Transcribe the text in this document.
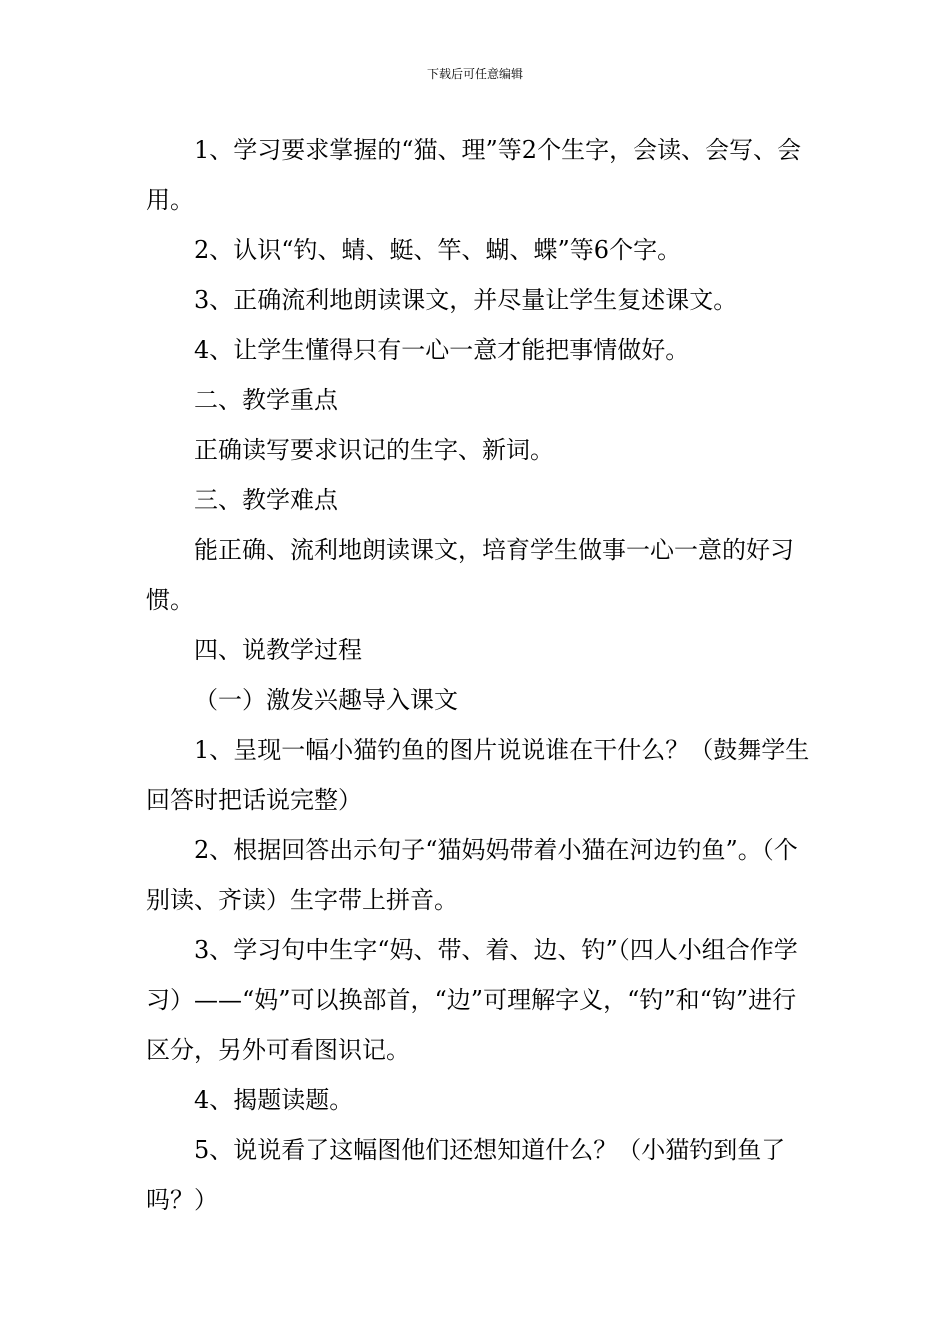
下载后可任意编辑

1、学习要求掌握的“猫、理”等2个生字，会读、会写、会用。

2、认识“钓、蜻、蜓、竿、蝴、蝶”等6个字。

3、正确流利地朗读课文，并尽量让学生复述课文。

4、让学生懂得只有一心一意才能把事情做好。

二、教学重点

正确读写要求识记的生字、新词。

三、教学难点

能正确、流利地朗读课文，培育学生做事一心一意的好习惯。

四、说教学过程

（一）激发兴趣导入课文

1、呈现一幅小猫钓鱼的图片说说谁在干什么？（鼓舞学生回答时把话说完整）

2、根据回答出示句子“猫妈妈带着小猫在河边钓鱼”。（个别读、齐读）生字带上拼音。

3、学习句中生字“妈、带、着、边、钓”（四人小组合作学习）——“妈”可以换部首，“边”可理解字义，“钓”和“钩”进行区分，另外可看图识记。

4、揭题读题。

5、说说看了这幅图他们还想知道什么？（小猫钓到鱼了吗？）
